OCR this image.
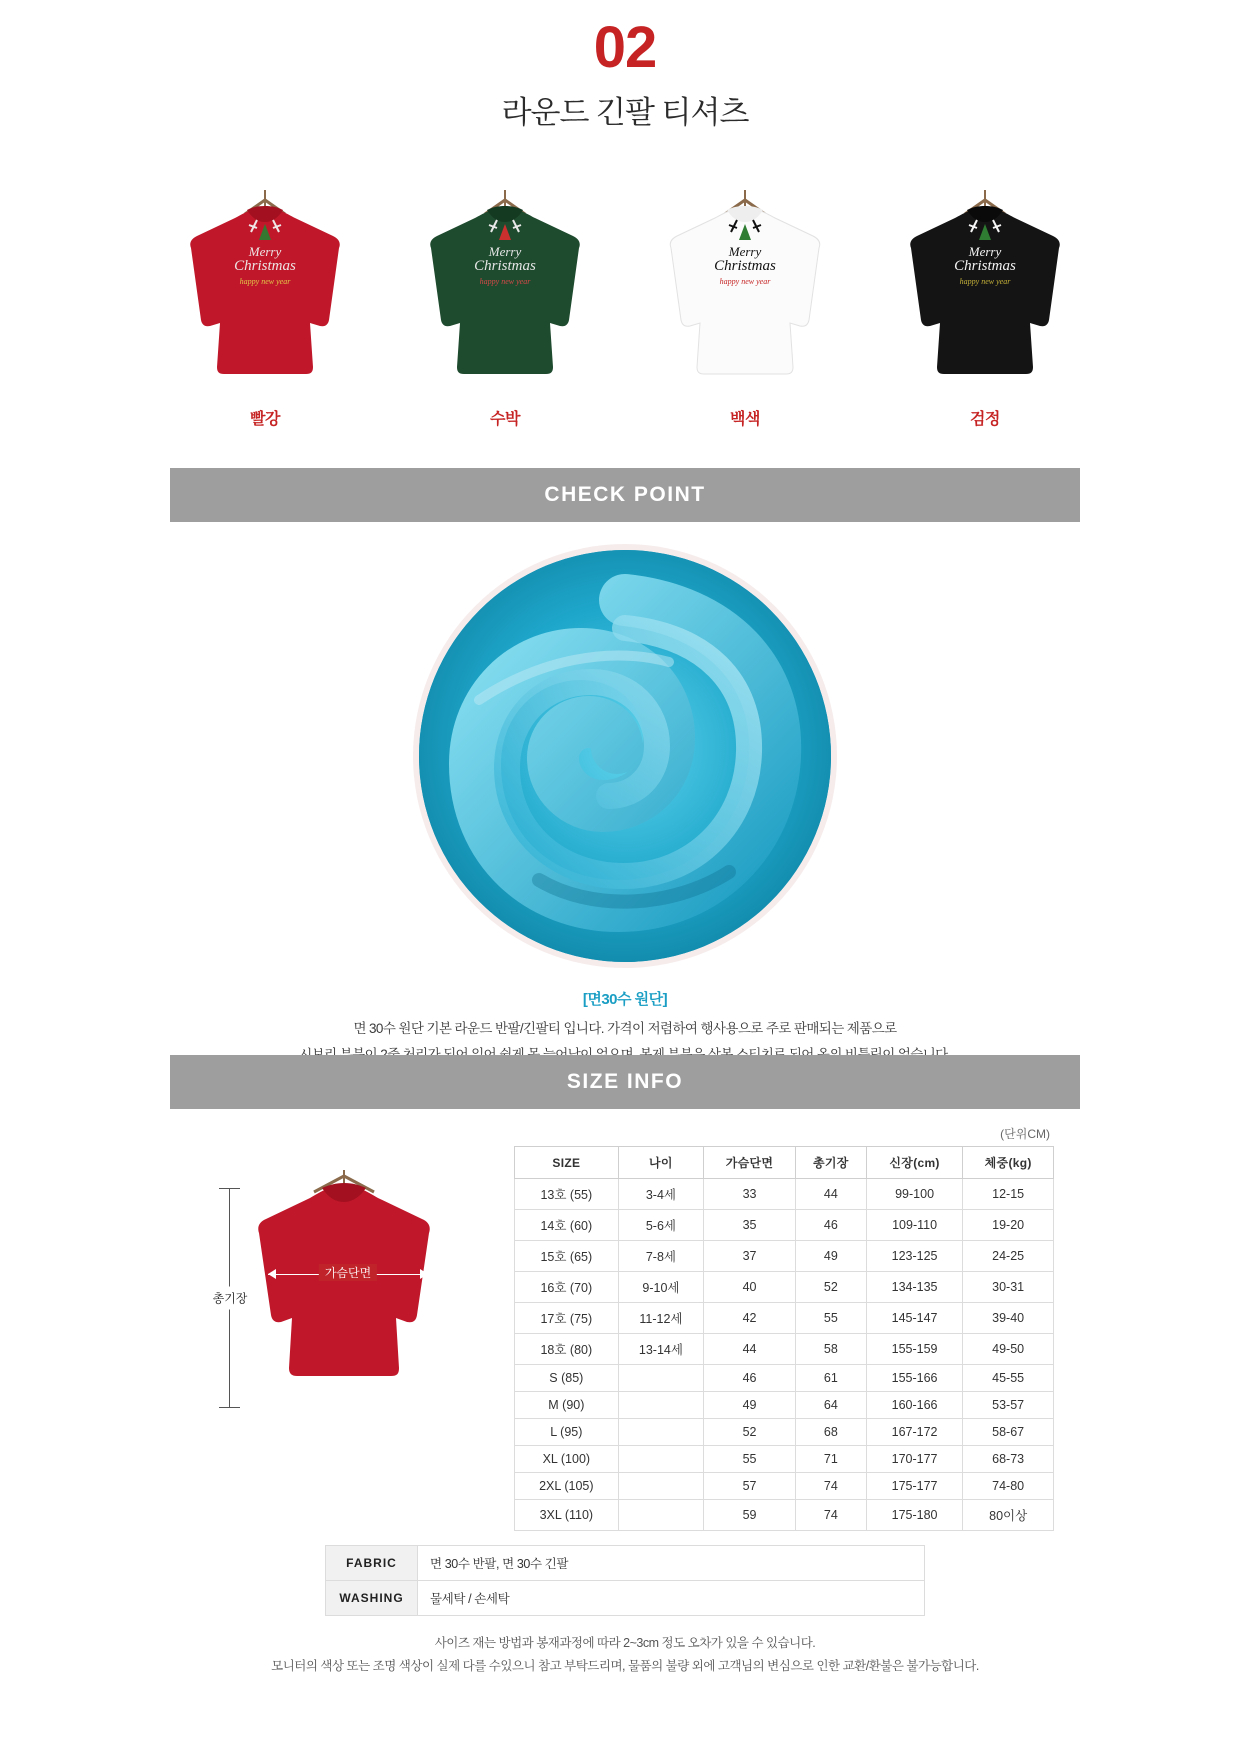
02
라운드 긴팔 티셔츠
Merry
Christmas
happy new year
빨강
Merry
Christmas
happy new year
수박
Merry
Christmas
happy new year
백색
Merry
Christmas
happy new year
검정
CHECK POINT
[면30수 원단]
면 30수 원단 기본 라운드 반팔/긴팔티 입니다. 가격이 저렴하여 행사용으로 주로 판매되는 제품으로
SIZE INFO
(단위CM)
총기장
가슴단면
SIZE	나이	가슴단면	총기장	신장(cm)	체중(kg)
13호 (55)	3-4세	33	44	99-100	12-15
14호 (60)	5-6세	35	46	109-110	19-20
15호 (65)	7-8세	37	49	123-125	24-25
16호 (70)	9-10세	40	52	134-135	30-31
17호 (75)	11-12세	42	55	145-147	39-40
18호 (80)	13-14세	44	58	155-159	49-50
S (85)		46	61	155-166	45-55
M (90)		49	64	160-166	53-57
L (95)		52	68	167-172	58-67
XL (100)		55	71	170-177	68-73
2XL (105)		57	74	175-177	74-80
3XL (110)		59	74	175-180	80이상
FABRIC	면 30수 반팔, 면 30수 긴팔
WASHING	물세탁 / 손세탁
사이즈 재는 방법과 봉재과정에 따라 2~3cm 정도 오차가 있을 수 있습니다.
모니터의 색상 또는 조명 색상이 실제 다를 수있으니 참고 부탁드리며, 물품의 불량 외에 고객님의 변심으로 인한 교환/환불은 불가능합니다.
